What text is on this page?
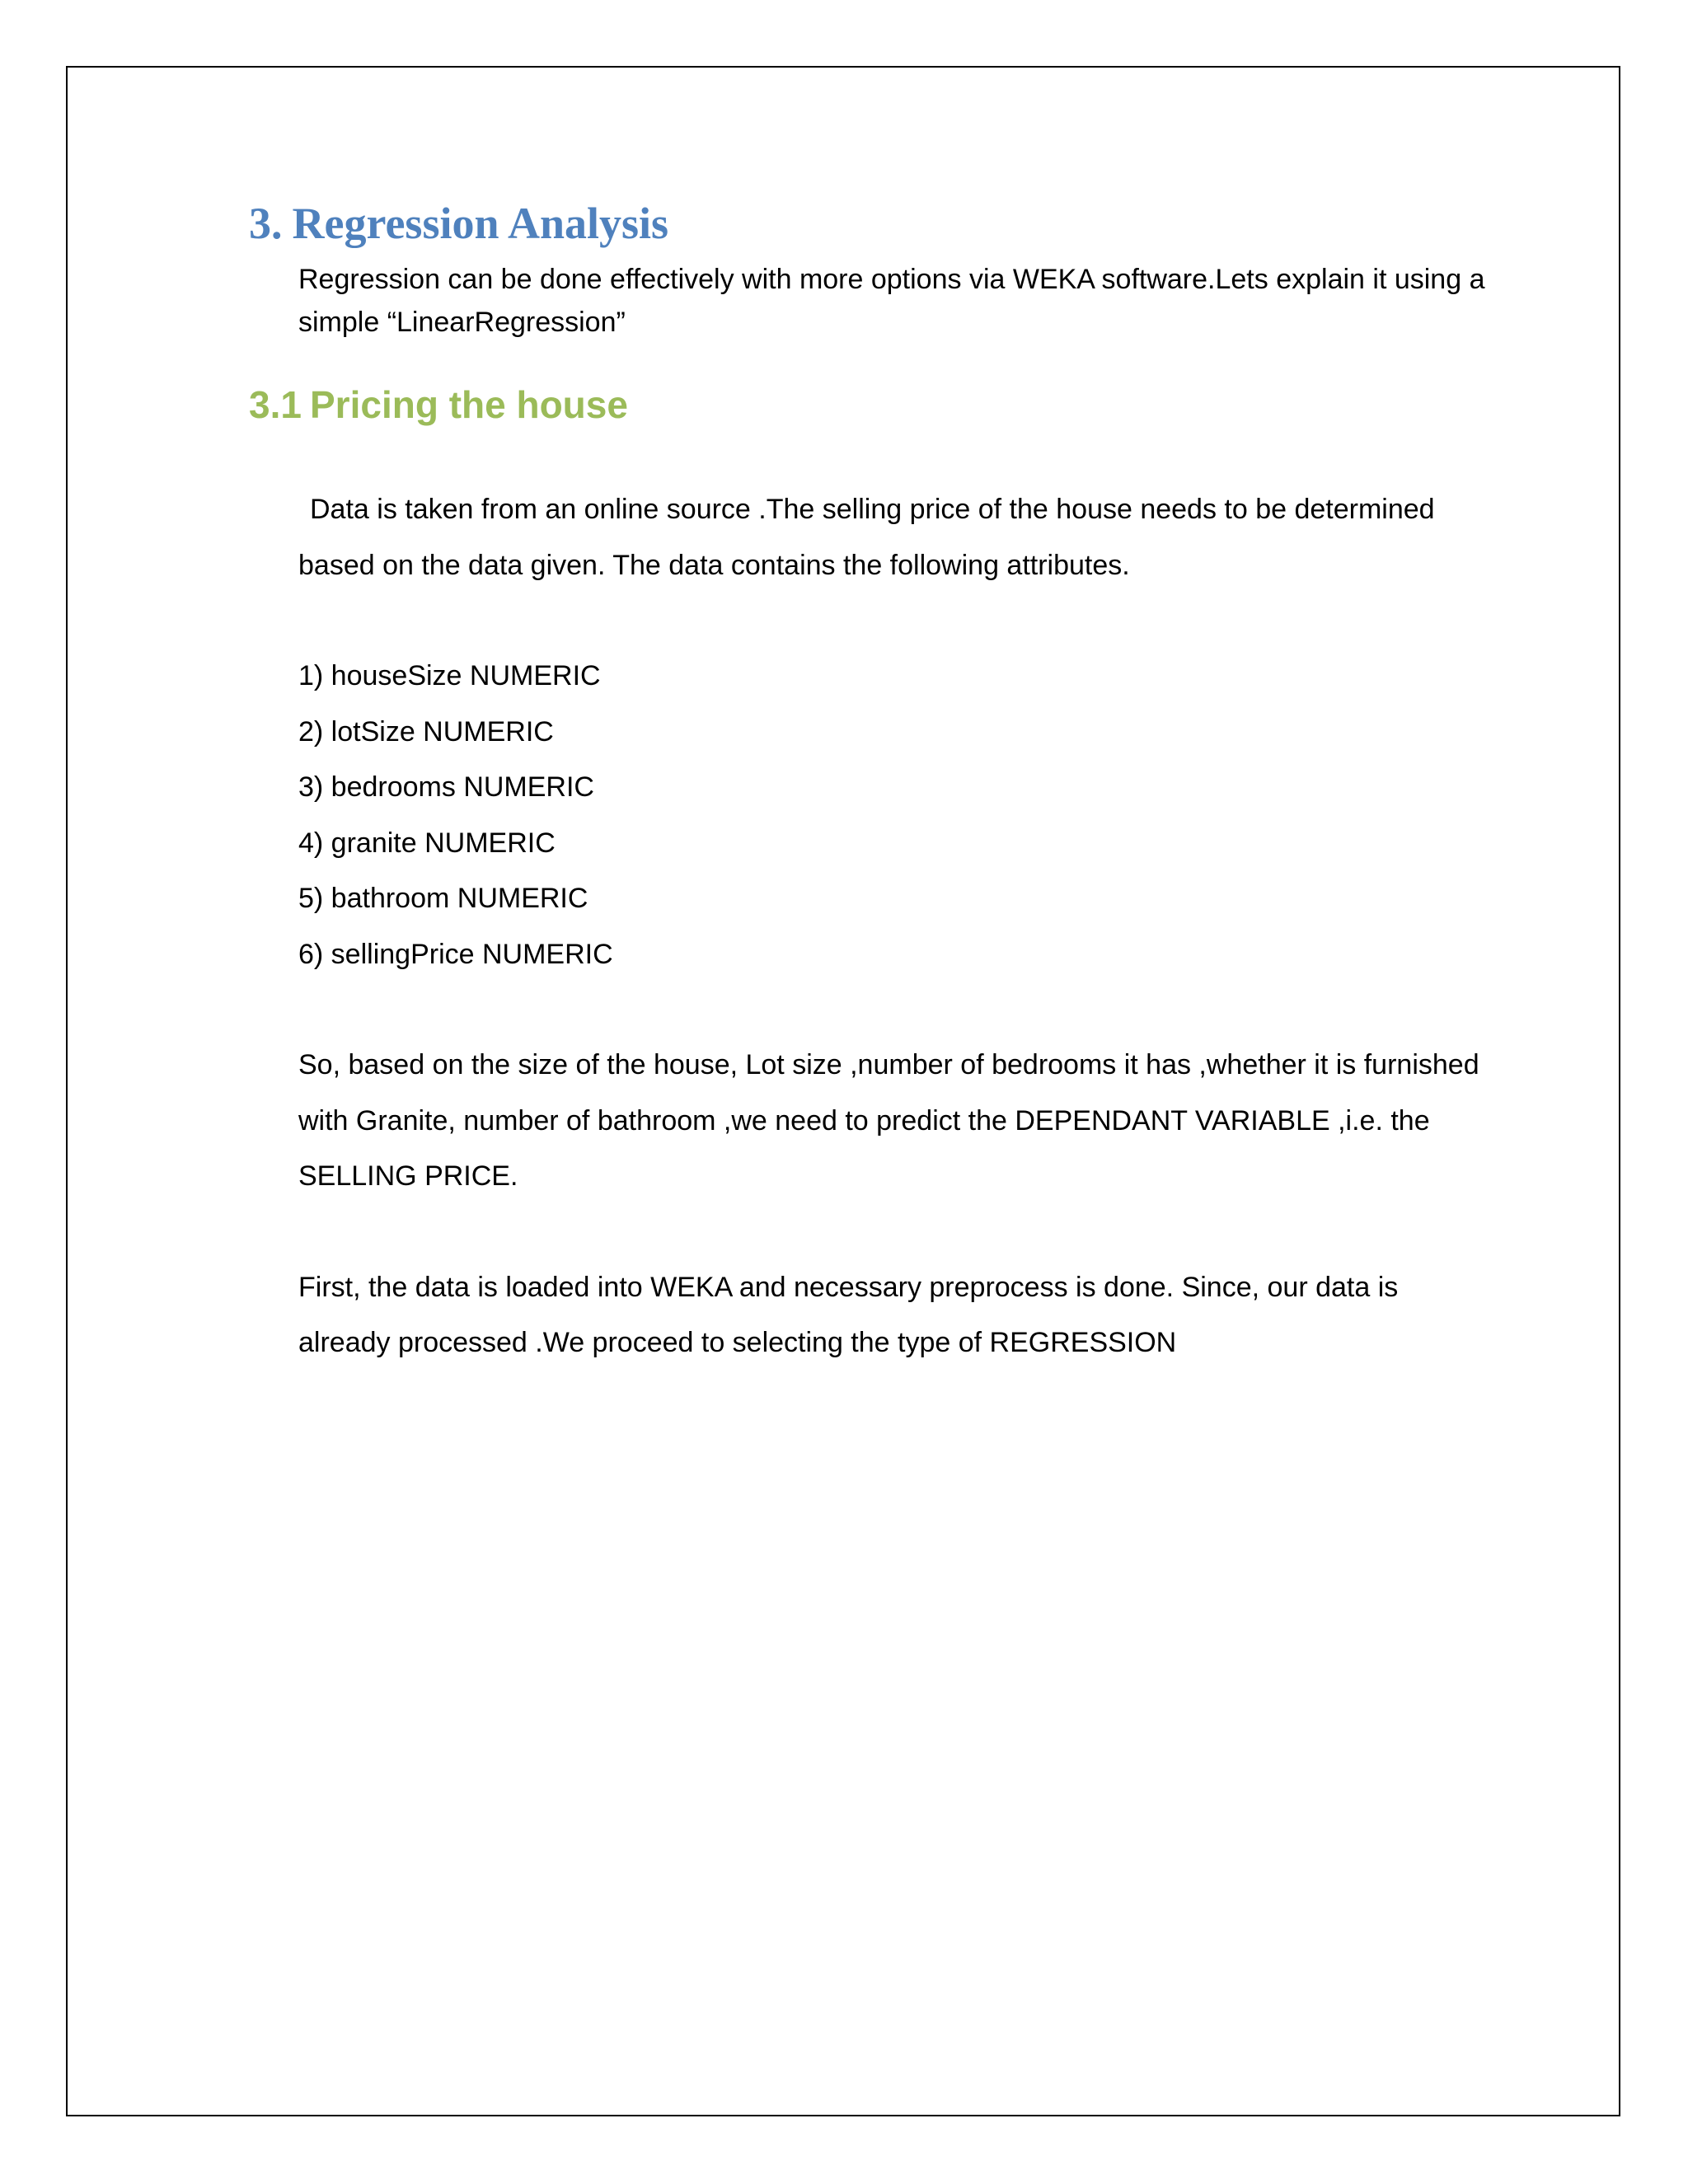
3. Regression Analysis

Regression can be done effectively with more options via WEKA software.Lets explain it using a simple “LinearRegression”

3.1 Pricing the house

Data is taken from an online source .The selling price of the house needs to be determined based on the data given. The data contains the following attributes.

1) houseSize NUMERIC
2) lotSize NUMERIC
3) bedrooms NUMERIC
4) granite NUMERIC
5) bathroom NUMERIC
6) sellingPrice NUMERIC

So, based on the size of the house, Lot size ,number of bedrooms it has ,whether it is furnished with Granite, number of bathroom ,we need to predict the DEPENDANT VARIABLE ,i.e. the SELLING PRICE.

First, the data is loaded into WEKA and necessary preprocess is done. Since, our data is already processed .We proceed to selecting the type of REGRESSION
